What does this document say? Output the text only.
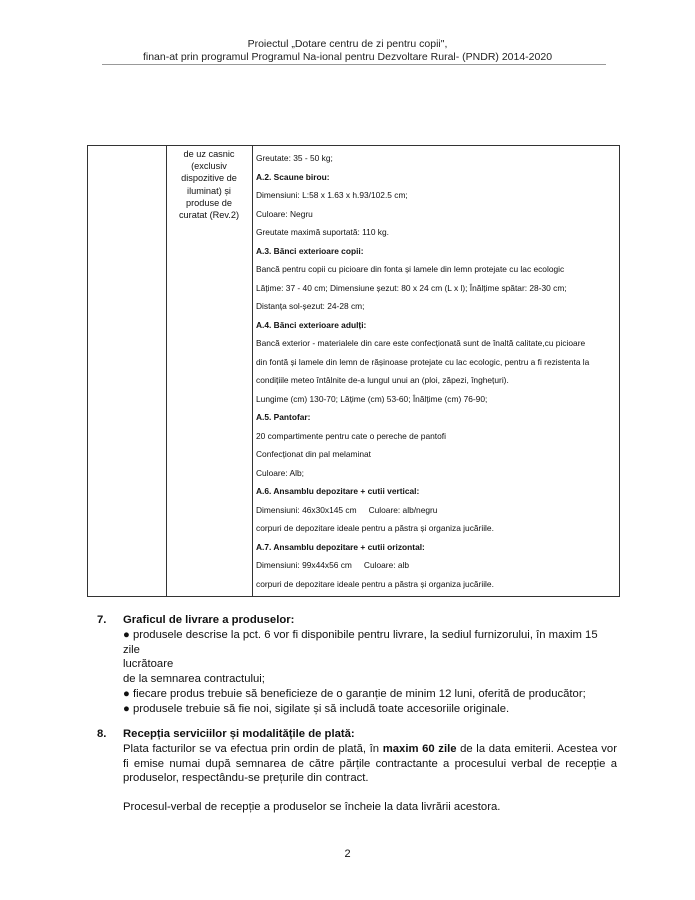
Proiectul „Dotare centru de zi pentru copii",
finan-at prin programul Programul Na-ional pentru Dezvoltare Rural- (PNDR) 2014-2020
de uz casnic
(exclusiv
dispozitive de
iluminat) și
produse de
curatat (Rev.2)
Greutate: 35 - 50 kg;
A.2. Scaune birou:
Dimensiuni: L:58 x 1.63 x h.93/102.5 cm;
Culoare: Negru
Greutate maximă suportată: 110 kg.
A.3. Bănci exterioare copii:
Bancă pentru copii cu picioare din fonta și lamele din lemn protejate cu lac ecologic
Lățime: 37 - 40 cm; Dimensiune șezut: 80 x 24 cm (L x l); Înălțime spătar: 28-30 cm;
Distanța sol-șezut: 24-28 cm;
A.4. Bănci exterioare adulți:
Bancă exterior - materialele din care este confecționată sunt de înaltă calitate,cu picioare
din fontă și lamele din lemn de rășinoase protejate cu lac ecologic, pentru a fi rezistenta la
condițiile meteo întâlnite de-a lungul unui an (ploi, zăpezi, înghețuri).
Lungime (cm) 130-70; Lățime (cm) 53-60; Înălțime (cm) 76-90;
A.5. Pantofar:
20 compartimente pentru cate o pereche de pantofi
Confecționat din pal melaminat
Culoare: Alb;
A.6. Ansamblu depozitare + cutii vertical:
Dimensiuni: 46x30x145 cm Culoare: alb/negru
corpuri de depozitare ideale pentru a păstra și organiza jucăriile.
A.7. Ansamblu depozitare + cutii orizontal:
Dimensiuni: 99x44x56 cm Culoare: alb
corpuri de depozitare ideale pentru a păstra și organiza jucăriile.
7. Graficul de livrare a produselor:
● produsele descrise la pct. 6 vor fi disponibile pentru livrare, la sediul furnizorului, în maxim 15 zile
lucrătoare
de la semnarea contractului;
● fiecare produs trebuie să beneficieze de o garanție de minim 12 luni, oferită de producător;
● produsele trebuie să fie noi, sigilate și să includă toate accesoriile originale.
8. Recepția serviciilor și modalitățile de plată:
Plata facturilor se va efectua prin ordin de plată, în maxim 60 zile de la data emiterii. Acestea vor fi emise numai după semnarea de către părțile contractante a procesului verbal de recepție a produselor, respectându-se prețurile din contract.
Procesul-verbal de recepție a produselor se încheie la data livrării acestora.
2
